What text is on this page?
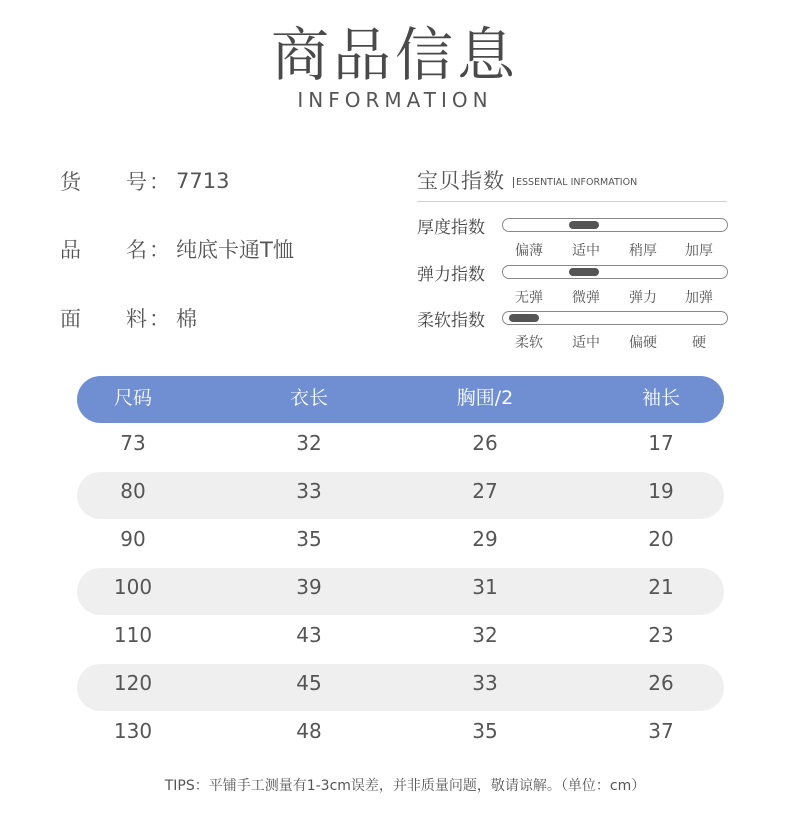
商品信息
INFORMATION
货 号： 7713
品 名： 纯底卡通T恤
面 料： 棉
宝贝指数	ESSENTIAL INFORMATION
厚度指数
偏薄 适中 稍厚 加厚
弹力指数
无弹 微弹 弹力 加弹
柔软指数
柔软 适中 偏硬	硬
尺码	衣长	胸围/2	袖长
73	32	26	17
80	33	27	19
90	35	29	20
100	39	31	21
110	43	32	23
120	45	33	26
130	48	35	37
TIPS：平铺手工测量有1-3cm误差，并非质量问题，敬请谅解。（单位：cm）
